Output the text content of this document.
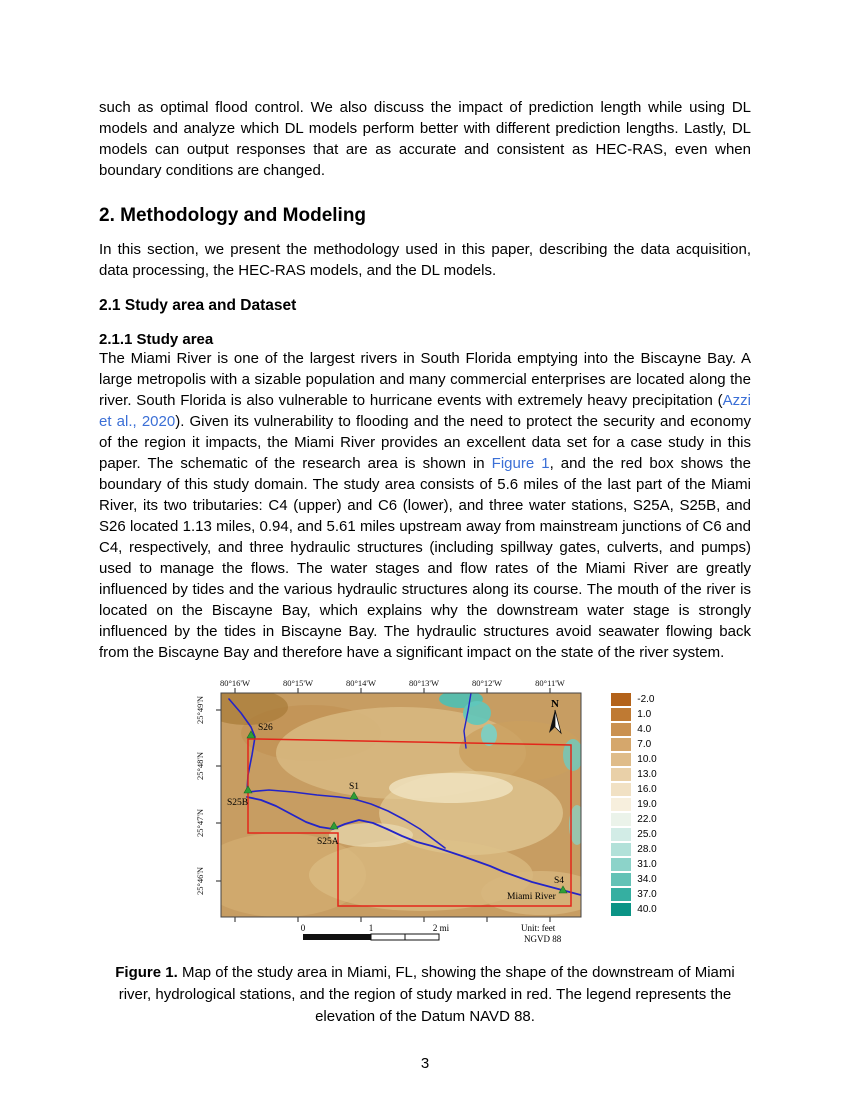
such as optimal flood control. We also discuss the impact of prediction length while using DL models and analyze which DL models perform better with different prediction lengths. Lastly, DL models can output responses that are as accurate and consistent as HEC-RAS, even when boundary conditions are changed.

2. Methodology and Modeling

In this section, we present the methodology used in this paper, describing the data acquisition, data processing, the HEC-RAS models, and the DL models.

2.1 Study area and Dataset
2.1.1 Study area

The Miami River is one of the largest rivers in South Florida emptying into the Biscayne Bay. A large metropolis with a sizable population and many commercial enterprises are located along the river. South Florida is also vulnerable to hurricane events with extremely heavy precipitation (Azzi et al., 2020). Given its vulnerability to flooding and the need to protect the security and economy of the region it impacts, the Miami River provides an excellent data set for a case study in this paper. The schematic of the research area is shown in Figure 1, and the red box shows the boundary of this study domain. The study area consists of 5.6 miles of the last part of the Miami River, its two tributaries: C4 (upper) and C6 (lower), and three water stations, S25A, S25B, and S26 located 1.13 miles, 0.94, and 5.61 miles upstream away from mainstream junctions of C6 and C4, respectively, and three hydraulic structures (including spillway gates, culverts, and pumps) used to manage the flows. The water stages and flow rates of the Miami River are greatly influenced by tides and the various hydraulic structures along its course. The mouth of the river is located on the Biscayne Bay, which explains why the downstream water stage is strongly influenced by the tides in Biscayne Bay. The hydraulic structures avoid seawater flowing back from the Biscayne Bay and therefore have a significant impact on the state of the river system.

80°16'W	80°15'W	80°14'W	80°13'W	80°12'W	80°11'W
25°49'N
25°48'N
25°47'N
25°46'N
S26
S25B
S1
S25A
S4
Miami River
N
0	1	2 mi	Unit: feet
NGVD 88
-2.0
1.0
4.0
7.0
10.0
13.0
16.0
19.0
22.0
25.0
28.0
31.0
34.0
37.0
40.0
Figure 1. Map of the study area in Miami, FL, showing the shape of the downstream of Miami river, hydrological stations, and the region of study marked in red. The legend represents the elevation of the Datum NAVD 88.
3
